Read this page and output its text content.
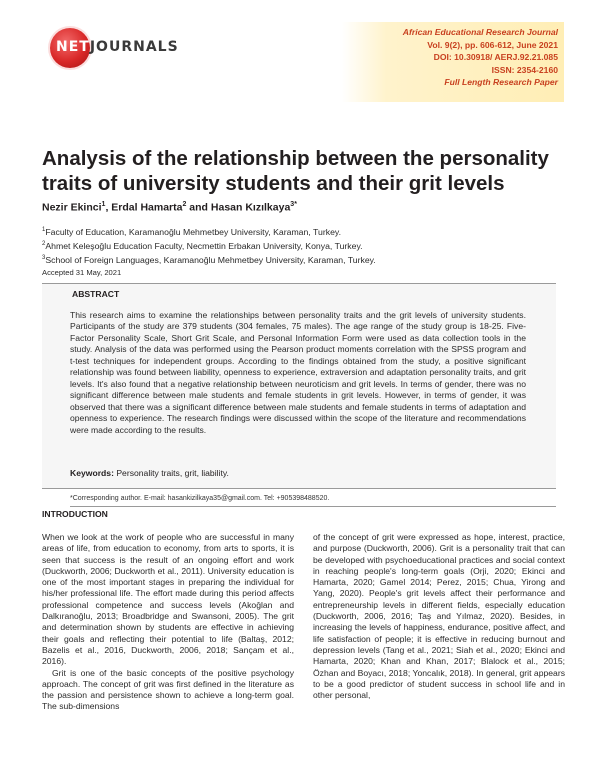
NETJOURNALS
African Educational Research Journal
Vol. 9(2), pp. 606-612, June 2021
DOI: 10.30918/ AERJ.92.21.085
ISSN: 2354-2160
Full Length Research Paper
Analysis of the relationship between the personality traits of university students and their grit levels
Nezir Ekinci$^1$, Erdal Hamarta$^2$ and Hasan Kızılkaya$^{3*}$

$^1$Faculty of Education, Karamanoğlu Mehmetbey University, Karaman, Turkey.

$^2$Ahmet Keleşoğlu Education Faculty, Necmettin Erbakan University, Konya, Turkey.

$^3$School of Foreign Languages, Karamanoğlu Mehmetbey University, Karaman, Turkey.

Accepted 31 May, 2021
ABSTRACT

This research aims to examine the relationships between personality traits and the grit levels of university students. Participants of the study are 379 students (304 females, 75 males). The age range of the study group is 18-25. Five-Factor Personality Scale, Short Grit Scale, and Personal Information Form were used as data collection tools in the study. Analysis of the data was performed using the Pearson product moments correlation with the SPSS program and t-test techniques for independent groups. According to the findings obtained from the study, a positive significant relationship was found between liability, openness to experience, extraversion and adaptation personality traits, and grit levels. It's also found that a negative relationship between neuroticism and grit levels. In terms of gender, there was no significant difference between male students and female students in grit levels. However, in terms of gender, it was observed that there was a significant difference between male students and female students in terms of adaptation and openness to experience. The research findings were discussed within the scope of the literature and recommendations were made according to the results.

Keywords: Personality traits, grit, liability.
*Corresponding author. E-mail: hasankizilkaya35@gmail.com. Tel: +905398488520.
INTRODUCTION

When we look at the work of people who are successful in many areas of life, from education to economy, from arts to sports, it is seen that success is the result of an ongoing effort and work (Duckworth, 2006; Duckworth et al., 2011). University education is one of the most important stages in preparing the individual for his/her professional life. The effort made during this period affects professional competence and success levels (Akoğlan and Dalkıranoğlu, 2013; Broadbridge and Swansoni, 2005). The grit and determination shown by students are effective in achieving their goals and reflecting their potential to life (Baltaş, 2012; Bazelis et al., 2016, Duckworth, 2006, 2018; Sançam et al., 2016).

Grit is one of the basic concepts of the positive psychology approach. The concept of grit was first defined in the literature as the passion and persistence shown to achieve a long-term goal. The sub-dimensions

of the concept of grit were expressed as hope, interest, practice, and purpose (Duckworth, 2006). Grit is a personality trait that can be developed with psychoeducational practices and social context in reaching people's long-term goals (Orji, 2020; Ekinci and Hamarta, 2020; Gamel 2014; Perez, 2015; Chua, Yirong and Yang, 2020). People's grit levels affect their performance and entrepreneurship levels in different fields, especially education (Duckworth, 2006, 2016; Taş and Yılmaz, 2020). Besides, in increasing the levels of happiness, endurance, positive affect, and life satisfaction of people; it is effective in reducing burnout and depression levels (Tang et al., 2021; Siah et al., 2020; Ekinci and Hamarta, 2020; Khan and Khan, 2017; Blalock et al., 2015; Özhan and Boyacı, 2018; Yoncalık, 2018). In general, grit appears to be a good predictor of student success in school life and in other personal,
